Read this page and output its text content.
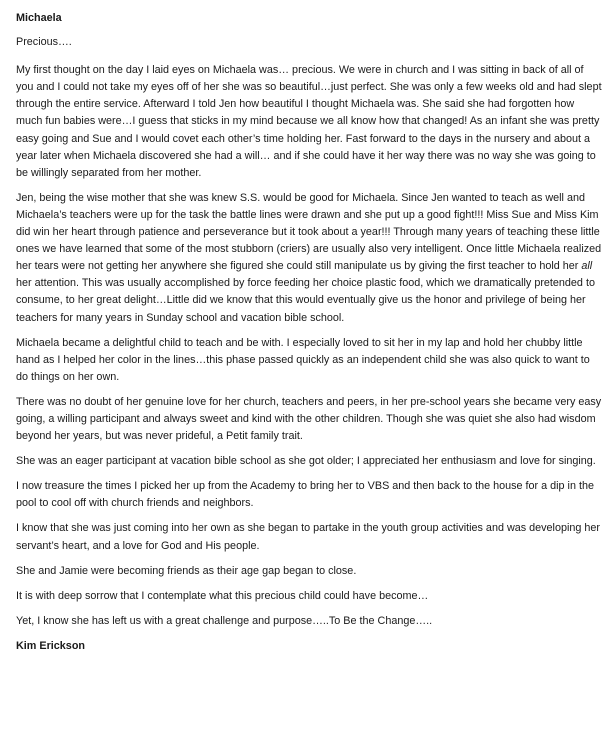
Michaela

Precious….

My first thought on the day I laid eyes on Michaela was… precious. We were in church and I was sitting in back of all of you and I could not take my eyes off of her she was so beautiful…just perfect. She was only a few weeks old and had slept through the entire service. Afterward I told Jen how beautiful I thought Michaela was. She said she had forgotten how much fun babies were…I guess that sticks in my mind because we all know how that changed! As an infant she was pretty easy going and Sue and I would covet each other’s time holding her. Fast forward to the days in the nursery and about a year later when Michaela discovered she had a will… and if she could have it her way there was no way she was going to be willingly separated from her mother.

Jen, being the wise mother that she was knew S.S. would be good for Michaela. Since Jen wanted to teach as well and Michaela’s teachers were up for the task the battle lines were drawn and she put up a good fight!!! Miss Sue and Miss Kim did win her heart through patience and perseverance but it took about a year!!! Through many years of teaching these little ones we have learned that some of the most stubborn (criers) are usually also very intelligent. Once little Michaela realized her tears were not getting her anywhere she figured she could still manipulate us by giving the first teacher to hold her all her attention. This was usually accomplished by force feeding her choice plastic food, which we dramatically pretended to consume, to her great delight…Little did we know that this would eventually give us the honor and privilege of being her teachers for many years in Sunday school and vacation bible school.

Michaela became a delightful child to teach and be with. I especially loved to sit her in my lap and hold her chubby little hand as I helped her color in the lines…this phase passed quickly as an independent child she was also quick to want to do things on her own.

There was no doubt of her genuine love for her church, teachers and peers, in her pre-school years she became very easy going, a willing participant and always sweet and kind with the other children. Though she was quiet she also had wisdom beyond her years, but was never prideful, a Petit family trait.

She was an eager participant at vacation bible school as she got older; I appreciated her enthusiasm and love for singing.

I now treasure the times I picked her up from the Academy to bring her to VBS and then back to the house for a dip in the pool to cool off with church friends and neighbors.

I know that she was just coming into her own as she began to partake in the youth group activities and was developing her servant’s heart, and a love for God and His people.

She and Jamie were becoming friends as their age gap began to close.

It is with deep sorrow that I contemplate what this precious child could have become…

Yet, I know she has left us with a great challenge and purpose…..To Be the Change…..

Kim Erickson
